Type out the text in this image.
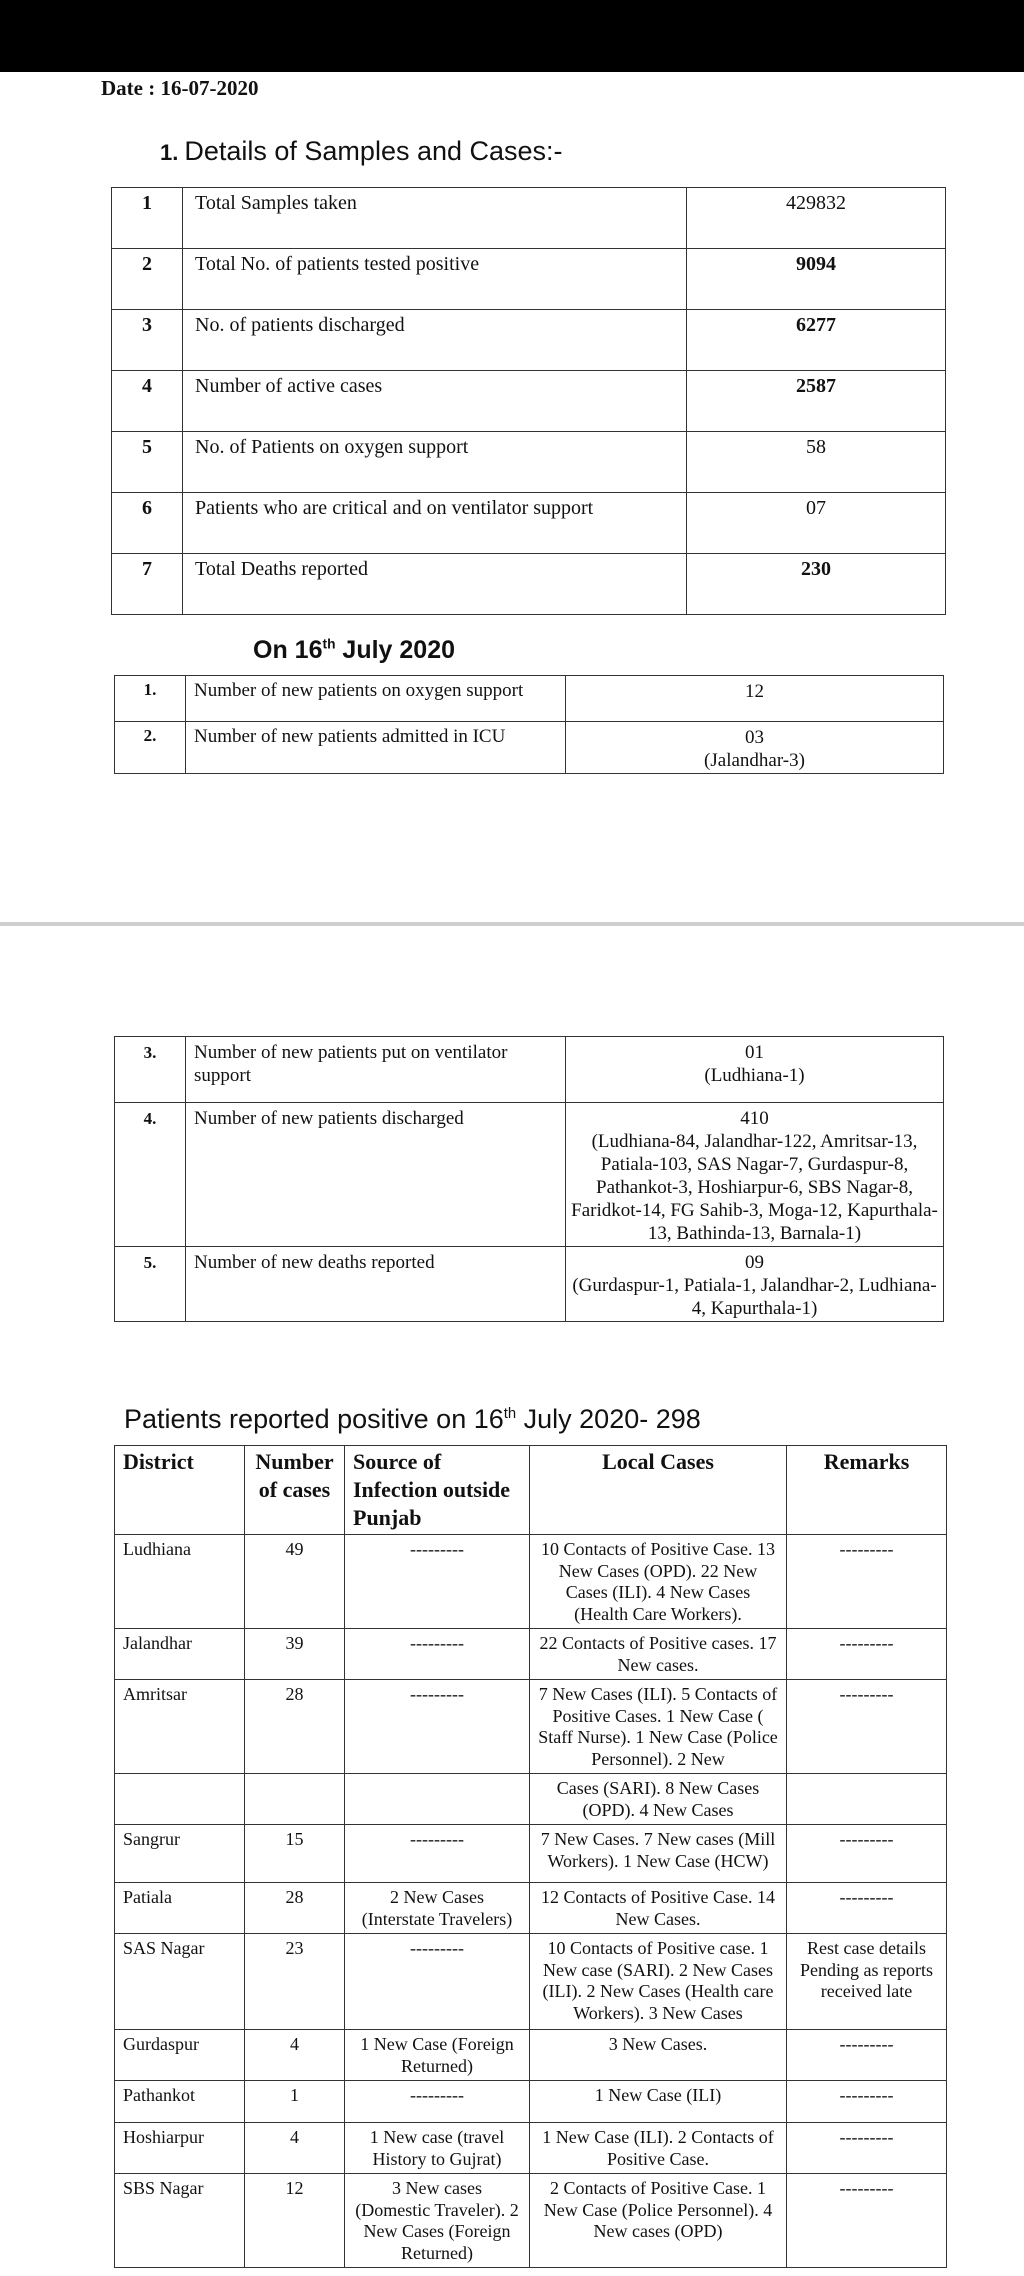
Date : 16-07-2020
1. Details of Samples and Cases:-
1	Total Samples taken	429832
2	Total No. of patients tested positive	9094
3	No. of patients discharged	6277
4	Number of active cases	2587
5	No. of Patients on oxygen support	58
6	Patients who are critical and on ventilator support	07
7	Total Deaths reported	230
On 16th July 2020
1.	Number of new patients on oxygen support	12

2.	Number of new patients admitted in ICU	03
(Jalandhar-3)
3.	Number of new patients put on ventilator support	01
(Ludhiana-1)

4.	Number of new patients discharged	410
(Ludhiana-84, Jalandhar-122, Amritsar-13, Patiala-103, SAS Nagar-7, Gurdaspur-8, Pathankot-3, Hoshiarpur-6, SBS Nagar-8, Faridkot-14, FG Sahib-3, Moga-12, Kapurthala-13, Bathinda-13, Barnala-1)

5.	Number of new deaths reported	09
(Gurdaspur-1, Patiala-1, Jalandhar-2, Ludhiana-4, Kapurthala-1)
Patients reported positive on 16th July 2020- 298
District	Number of cases	Source of Infection outside Punjab	Local Cases	Remarks
Ludhiana	49	---------	10 Contacts of Positive Case. 13 New Cases (OPD). 22 New Cases (ILI). 4 New Cases (Health Care Workers).	---------
Jalandhar	39	---------	22 Contacts of Positive cases. 17 New cases.	---------
Amritsar	28	---------	7 New Cases (ILI). 5 Contacts of Positive Cases. 1 New Case ( Staff Nurse). 1 New Case (Police Personnel). 2 New	---------
			Cases (SARI). 8 New Cases (OPD). 4 New Cases	
Sangrur	15	---------	7 New Cases. 7 New cases (Mill Workers). 1 New Case (HCW)	---------
Patiala	28	2 New Cases (Interstate Travelers)	12 Contacts of Positive Case. 14 New Cases.	---------
SAS Nagar	23	---------	10 Contacts of Positive case. 1 New case (SARI). 2 New Cases (ILI). 2 New Cases (Health care Workers). 3 New Cases	Rest case details Pending as reports received late
Gurdaspur	4	1 New Case (Foreign Returned)	3 New Cases.	---------
Pathankot	1	---------	1 New Case (ILI)	---------
Hoshiarpur	4	1 New case (travel History to Gujrat)	1 New Case (ILI). 2 Contacts of Positive Case.	---------
SBS Nagar	12	3 New cases (Domestic Traveler). 2 New Cases (Foreign Returned)	2 Contacts of Positive Case. 1 New Case (Police Personnel). 4 New cases (OPD)	---------
